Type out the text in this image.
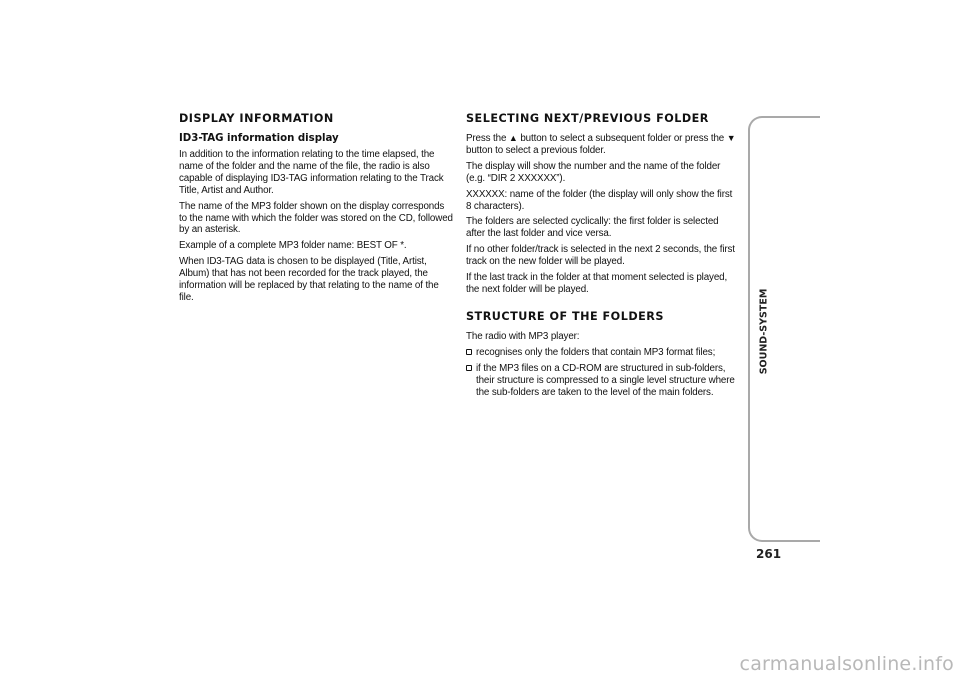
DISPLAY INFORMATION
ID3-TAG information display

In addition to the information relating to the time elapsed, the name of the folder and the name of the file, the radio is also capable of displaying ID3-TAG information relating to the Track Title, Artist and Author.

The name of the MP3 folder shown on the display corresponds to the name with which the folder was stored on the CD, followed by an asterisk.

Example of a complete MP3 folder name: BEST OF *.

When ID3-TAG data is chosen to be displayed (Title, Artist, Album) that has not been recorded for the track played, the information will be replaced by that relating to the name of the file.

SELECTING NEXT/PREVIOUS FOLDER

Press the ▲ button to select a subsequent folder or press the ▼ button to select a previous folder.

The display will show the number and the name of the folder (e.g. “DIR 2 XXXXXX”).

XXXXXX: name of the folder (the display will only show the first 8 characters).

The folders are selected cyclically: the first folder is selected after the last folder and vice versa.

If no other folder/track is selected in the next 2 seconds, the first track on the new folder will be played.

If the last track in the folder at that moment selected is played, the next folder will be played.

STRUCTURE OF THE FOLDERS

The radio with MP3 player:

recognises only the folders that contain MP3 format files;
if the MP3 files on a CD-ROM are structured in sub-folders, their structure is compressed to a single level structure where the sub-folders are taken to the level of the main folders.
SOUND-SYSTEM
261
carmanualsonline.info
